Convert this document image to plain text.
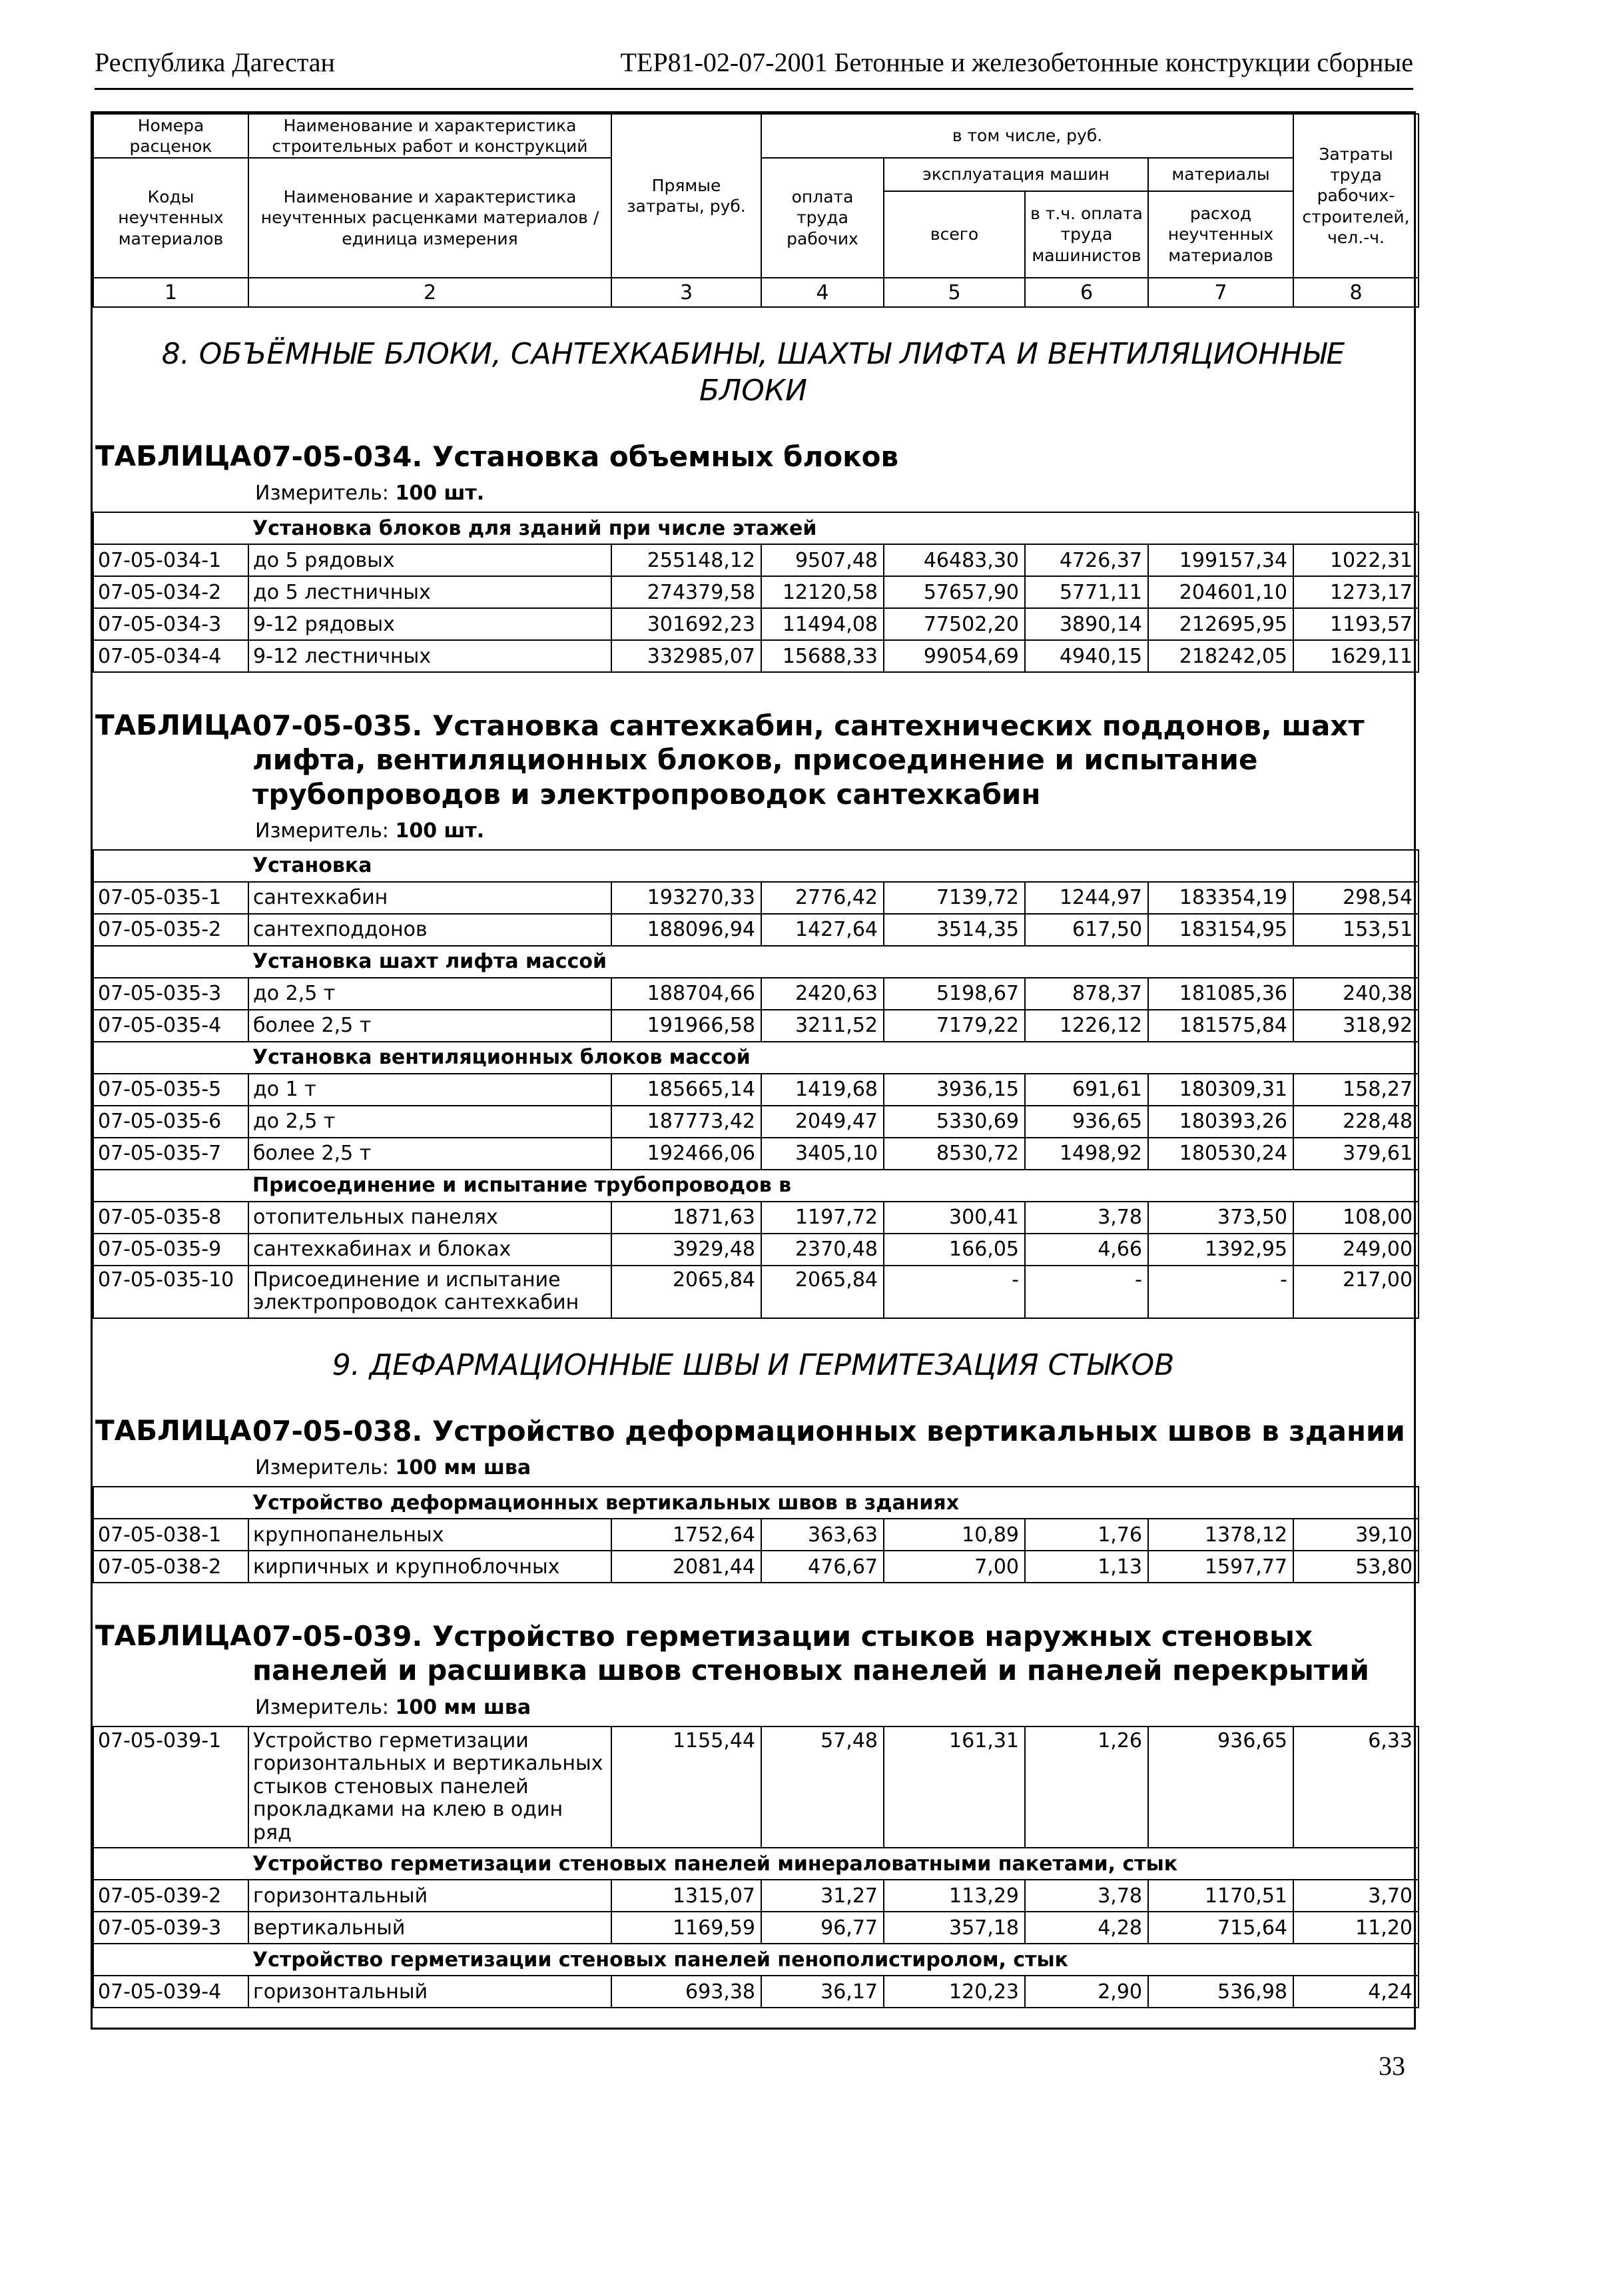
Республика Дагестан	ТЕР81-02-07-2001 Бетонные и железобетонные конструкции сборные
Номера расценок	Наименование и характеристика строительных работ и конструкций	Прямые затраты, руб.	в том числе, руб.				Затраты труда рабочих-строителей, чел.-ч.
Коды неучтенных материалов	Наименование и характеристика неучтенных расценками материалов / единица измерения		оплата труда рабочих	эксплуатация машин		материалы	
				всего	в т.ч. оплата труда машинистов	расход неучтенных материалов	
1	2	3	4	5	6	7	8
8. ОБЪЁМНЫЕ БЛОКИ, САНТЕХКАБИНЫ, ШАХТЫ ЛИФТА И ВЕНТИЛЯЦИОННЫЕ БЛОКИ
ТАБЛИЦА 07-05-034. Установка объемных блоков
Измеритель: 100 шт.
	Установка блоков для зданий при числе этажей						
07-05-034-1	до 5 рядовых	255148,12	9507,48	46483,30	4726,37	199157,34	1022,31
07-05-034-2	до 5 лестничных	274379,58	12120,58	57657,90	5771,11	204601,10	1273,17
07-05-034-3	9-12 рядовых	301692,23	11494,08	77502,20	3890,14	212695,95	1193,57
07-05-034-4	9-12 лестничных	332985,07	15688,33	99054,69	4940,15	218242,05	1629,11
ТАБЛИЦА 07-05-035. Установка сантехкабин, сантехнических поддонов, шахт лифта, вентиляционных блоков, присоединение и испытание трубопроводов и электропроводок сантехкабин
Измеритель: 100 шт.
	Установка						
07-05-035-1	сантехкабин	193270,33	2776,42	7139,72	1244,97	183354,19	298,54
07-05-035-2	сантехподдонов	188096,94	1427,64	3514,35	617,50	183154,95	153,51
	Установка шахт лифта массой						
07-05-035-3	до 2,5 т	188704,66	2420,63	5198,67	878,37	181085,36	240,38
07-05-035-4	более 2,5 т	191966,58	3211,52	7179,22	1226,12	181575,84	318,92
	Установка вентиляционных блоков массой						
07-05-035-5	до 1 т	185665,14	1419,68	3936,15	691,61	180309,31	158,27
07-05-035-6	до 2,5 т	187773,42	2049,47	5330,69	936,65	180393,26	228,48
07-05-035-7	более 2,5 т	192466,06	3405,10	8530,72	1498,92	180530,24	379,61
	Присоединение и испытание трубопроводов в						
07-05-035-8	отопительных панелях	1871,63	1197,72	300,41	3,78	373,50	108,00
07-05-035-9	сантехкабинах и блоках	3929,48	2370,48	166,05	4,66	1392,95	249,00
07-05-035-10	Присоединение и испытание электропроводок сантехкабин	2065,84	2065,84	-	-	-	217,00
9. ДЕФАРМАЦИОННЫЕ ШВЫ И ГЕРМИТЕЗАЦИЯ СТЫКОВ
ТАБЛИЦА 07-05-038. Устройство деформационных вертикальных швов в здании
Измеритель: 100 мм шва
	Устройство деформационных вертикальных швов в зданиях						
07-05-038-1	крупнопанельных	1752,64	363,63	10,89	1,76	1378,12	39,10
07-05-038-2	кирпичных и крупноблочных	2081,44	476,67	7,00	1,13	1597,77	53,80
ТАБЛИЦА 07-05-039. Устройство герметизации стыков наружных стеновых панелей и расшивка швов стеновых панелей и панелей перекрытий
Измеритель: 100 мм шва
07-05-039-1	Устройство герметизации горизонтальных и вертикальных стыков стеновых панелей прокладками на клею в один ряд	1155,44	57,48	161,31	1,26	936,65	6,33
	Устройство герметизации стеновых панелей минераловатными пакетами, стык						
07-05-039-2	горизонтальный	1315,07	31,27	113,29	3,78	1170,51	3,70
07-05-039-3	вертикальный	1169,59	96,77	357,18	4,28	715,64	11,20
	Устройство герметизации стеновых панелей пенополистиролом, стык						
07-05-039-4	горизонтальный	693,38	36,17	120,23	2,90	536,98	4,24
33
